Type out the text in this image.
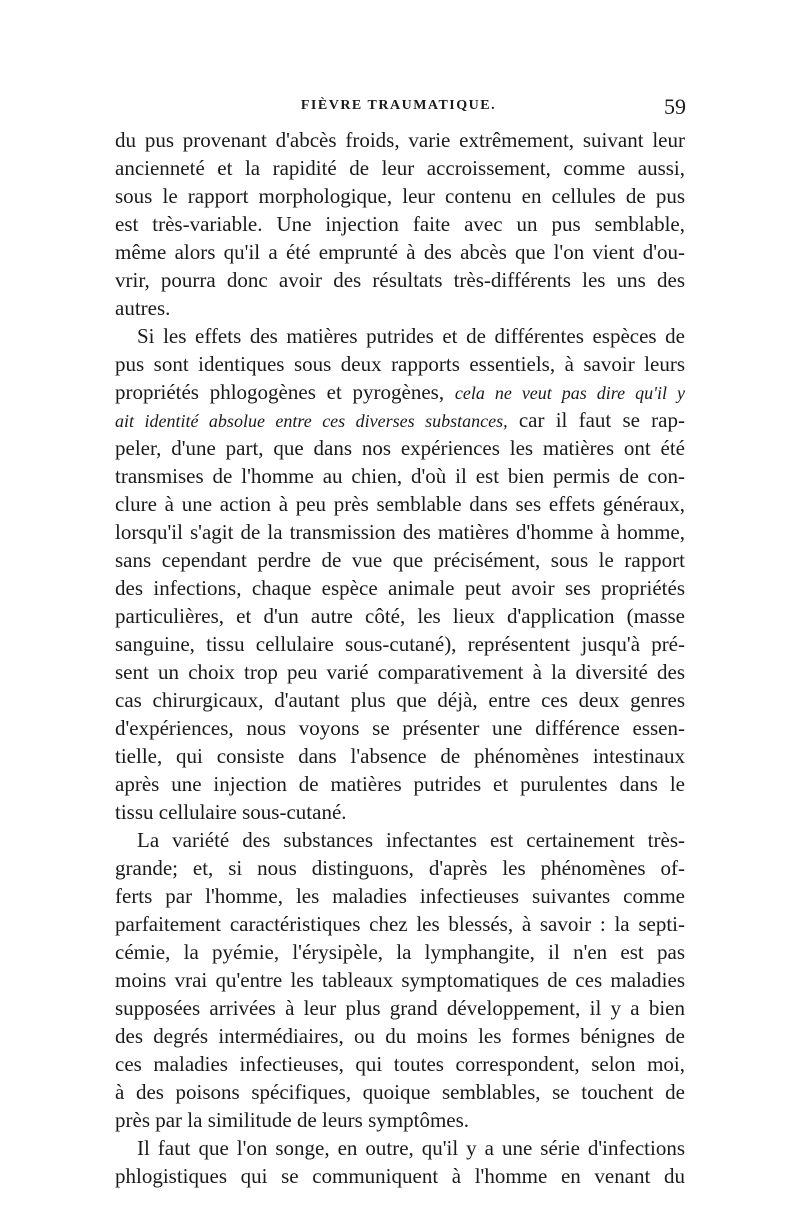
FIÈVRE TRAUMATIQUE.	59
du pus provenant d'abcès froids, varie extrêmement, suivant leur
ancienneté et la rapidité de leur accroissement, comme aussi,
sous le rapport morphologique, leur contenu en cellules de pus
est très-variable. Une injection faite avec un pus semblable,
même alors qu'il a été emprunté à des abcès que l'on vient d'ou-
vrir, pourra donc avoir des résultats très-différents les uns des
autres.
Si les effets des matières putrides et de différentes espèces de
pus sont identiques sous deux rapports essentiels, à savoir leurs
propriétés phlogogènes et pyrogènes, cela ne veut pas dire qu'il y
ait identité absolue entre ces diverses substances, car il faut se rap-
peler, d'une part, que dans nos expériences les matières ont été
transmises de l'homme au chien, d'où il est bien permis de con-
clure à une action à peu près semblable dans ses effets généraux,
lorsqu'il s'agit de la transmission des matières d'homme à homme,
sans cependant perdre de vue que précisément, sous le rapport
des infections, chaque espèce animale peut avoir ses propriétés
particulières, et d'un autre côté, les lieux d'application (masse
sanguine, tissu cellulaire sous-cutané), représentent jusqu'à pré-
sent un choix trop peu varié comparativement à la diversité des
cas chirurgicaux, d'autant plus que déjà, entre ces deux genres
d'expériences, nous voyons se présenter une différence essen-
tielle, qui consiste dans l'absence de phénomènes intestinaux
après une injection de matières putrides et purulentes dans le
tissu cellulaire sous-cutané.
La variété des substances infectantes est certainement très-
grande; et, si nous distinguons, d'après les phénomènes of-
ferts par l'homme, les maladies infectieuses suivantes comme
parfaitement caractéristiques chez les blessés, à savoir : la septi-
cémie, la pyémie, l'érysipèle, la lymphangite, il n'en est pas
moins vrai qu'entre les tableaux symptomatiques de ces maladies
supposées arrivées à leur plus grand développement, il y a bien
des degrés intermédiaires, ou du moins les formes bénignes de
ces maladies infectieuses, qui toutes correspondent, selon moi,
à des poisons spécifiques, quoique semblables, se touchent de
près par la similitude de leurs symptômes.
Il faut que l'on songe, en outre, qu'il y a une série d'infections
phlogistiques qui se communiquent à l'homme en venant du
